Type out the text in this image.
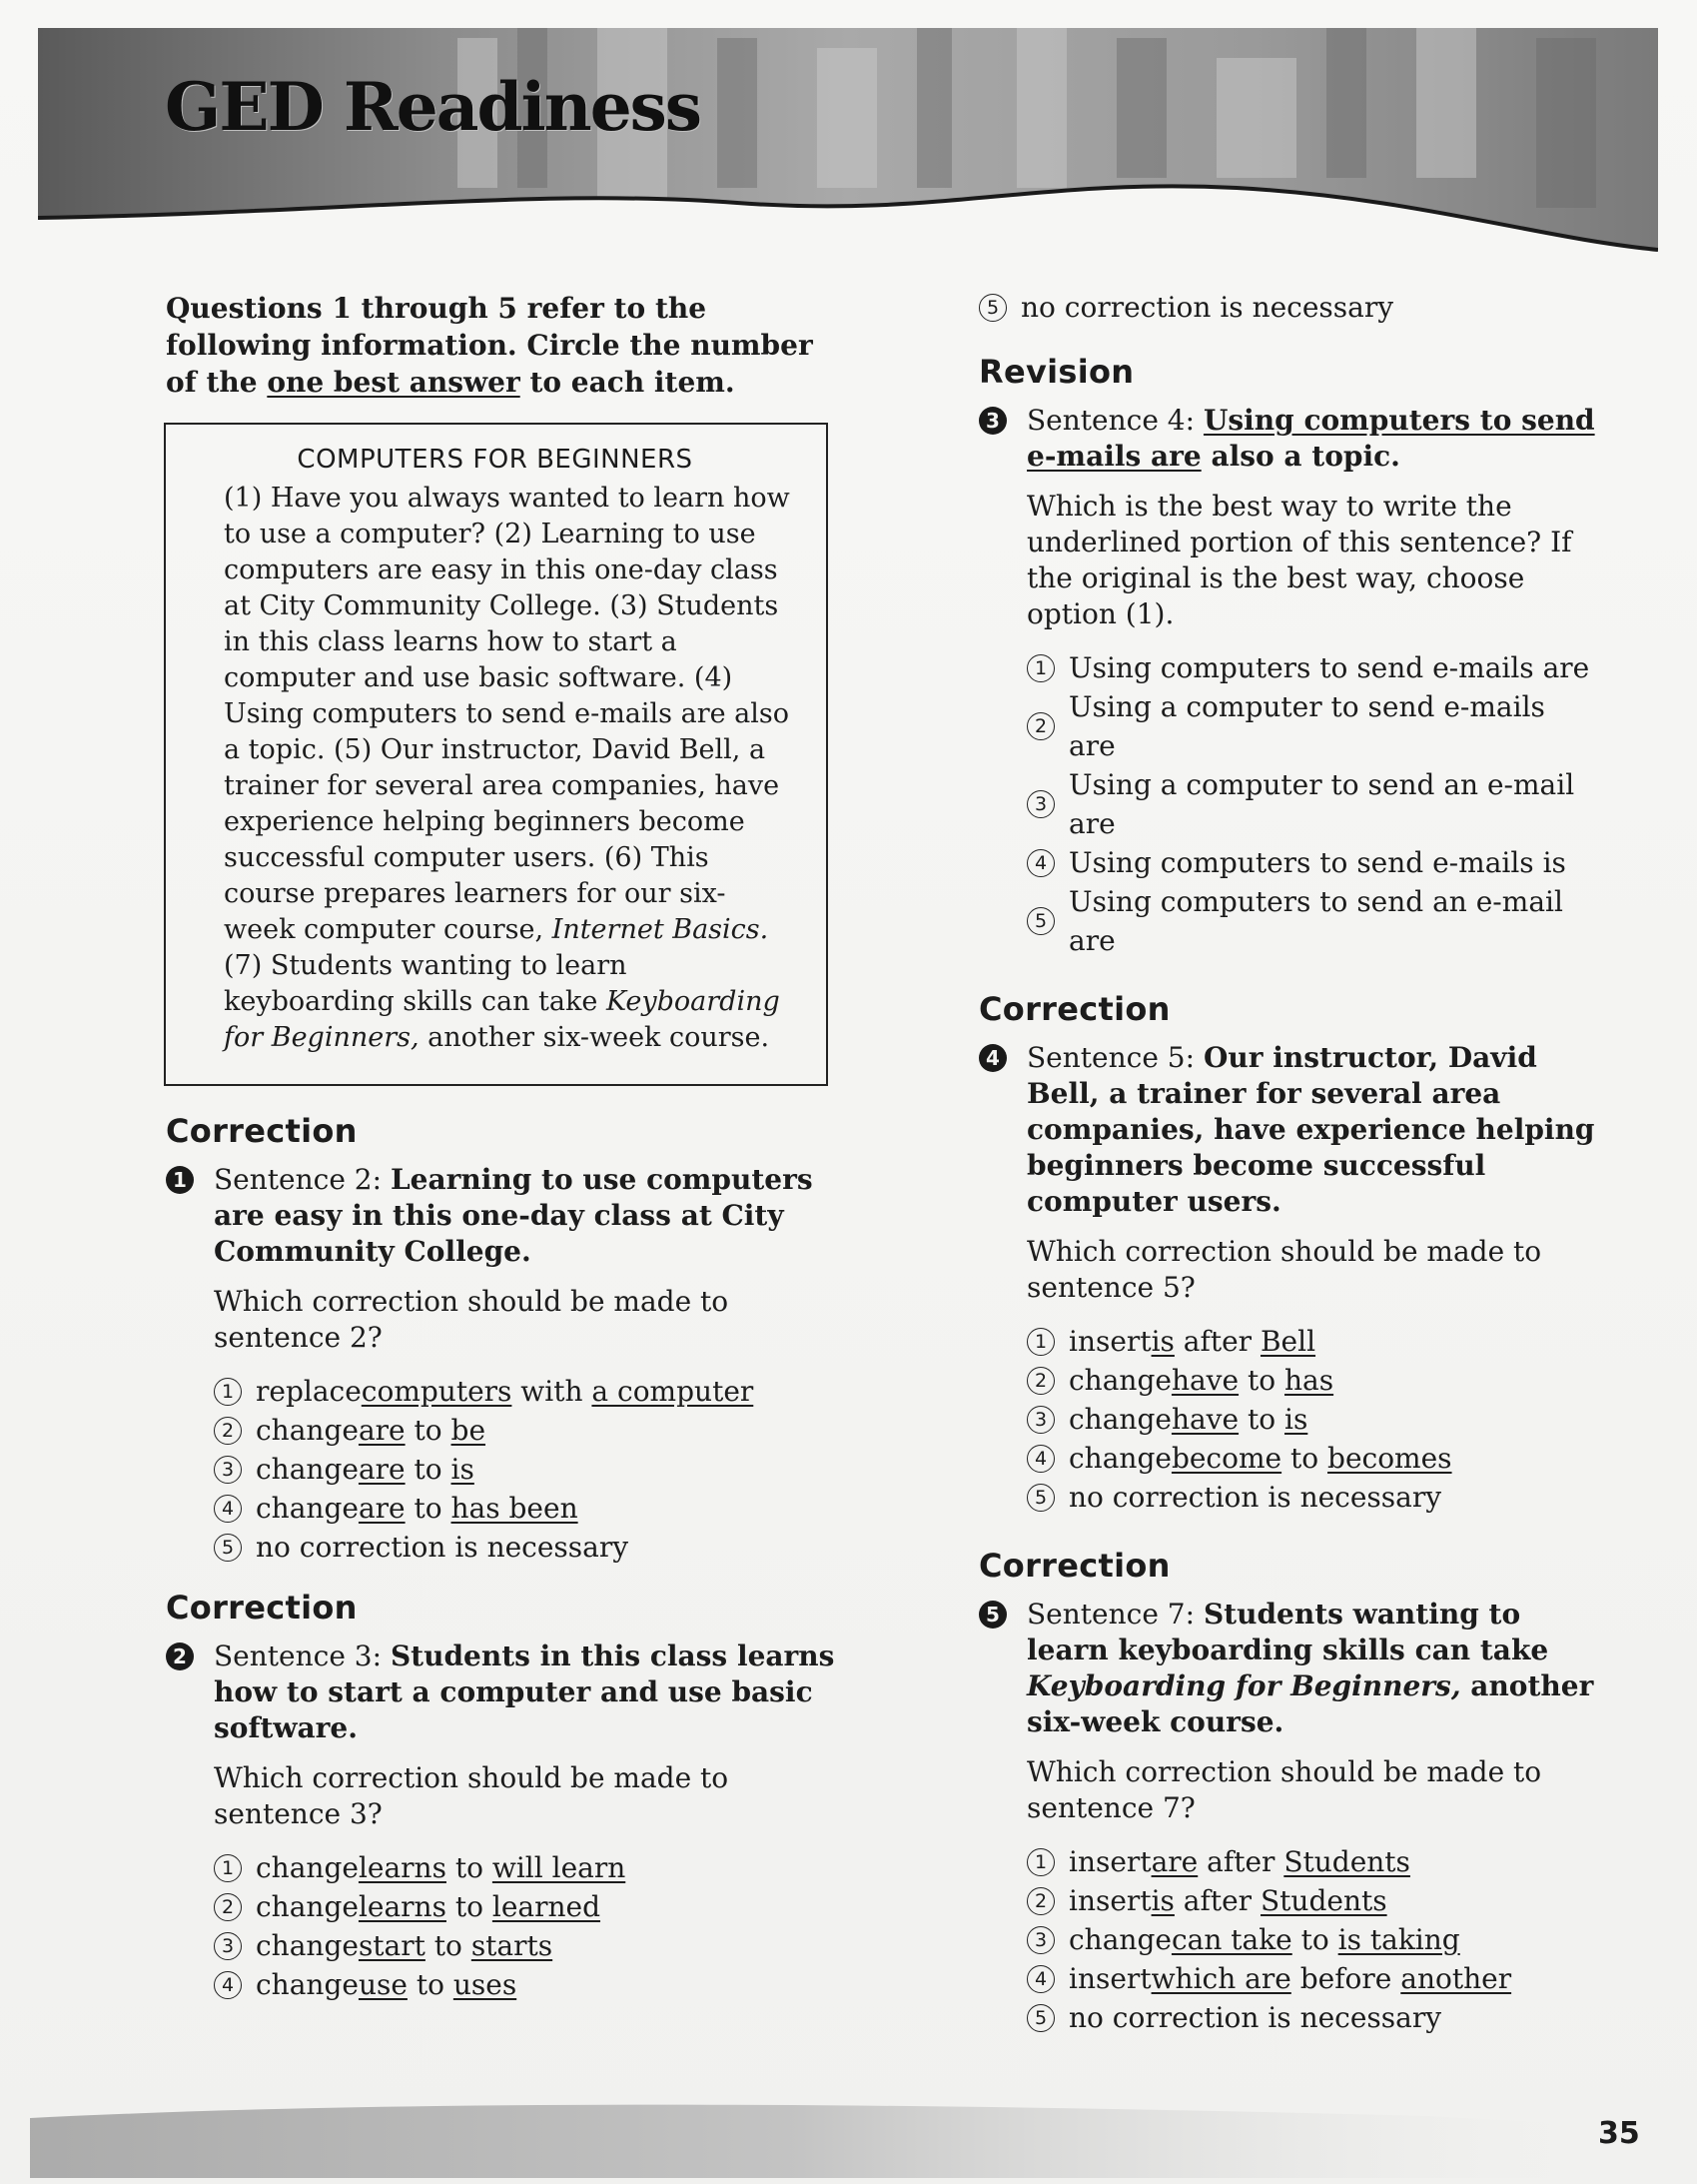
GED Readiness

Questions 1 through 5 refer to the following information. Circle the number of the one best answer to each item.

COMPUTERS FOR BEGINNERS

(1) Have you always wanted to learn how to use a computer? (2) Learning to use computers are easy in this one-day class at City Community College. (3) Students in this class learns how to start a computer and use basic software. (4) Using computers to send e-mails are also a topic. (5) Our instructor, David Bell, a trainer for several area companies, have experience helping beginners become successful computer users. (6) This course prepares learners for our six-week computer course, Internet Basics. (7) Students wanting to learn keyboarding skills can take Keyboarding for Beginners, another six-week course.

Correction

1 Sentence 2: Learning to use computers are easy in this one-day class at City Community College.

Which correction should be made to sentence 2?

1 replace computers with a computer
2 change are to be
3 change are to is
4 change are to has been
5 no correction is necessary

Correction

2 Sentence 3: Students in this class learns how to start a computer and use basic software.

Which correction should be made to sentence 3?

1 change learns to will learn
2 change learns to learned
3 change start to starts
4 change use to uses
5 no correction is necessary

Revision

3 Sentence 4: Using computers to send e-mails are also a topic.

Which is the best way to write the underlined portion of this sentence? If the original is the best way, choose option (1).

1 Using computers to send e-mails are
2
Using a computer to send e-mails are
3
Using a computer to send an e-mail are
4 Using computers to send e-mails is
5
Using computers to send an e-mail are

Correction

4 Sentence 5: Our instructor, David Bell, a trainer for several area companies, have experience helping beginners become successful computer users.

Which correction should be made to sentence 5?

1 insert is after Bell
2 change have to has
3 change have to is
4 change become to becomes
5 no correction is necessary

Correction

5 Sentence 7: Students wanting to learn keyboarding skills can take Keyboarding for Beginners, another six-week course.

Which correction should be made to sentence 7?

1 insert are after Students
2 insert is after Students
3 change can take to is taking
4 insert which are before another
5 no correction is necessary
35
